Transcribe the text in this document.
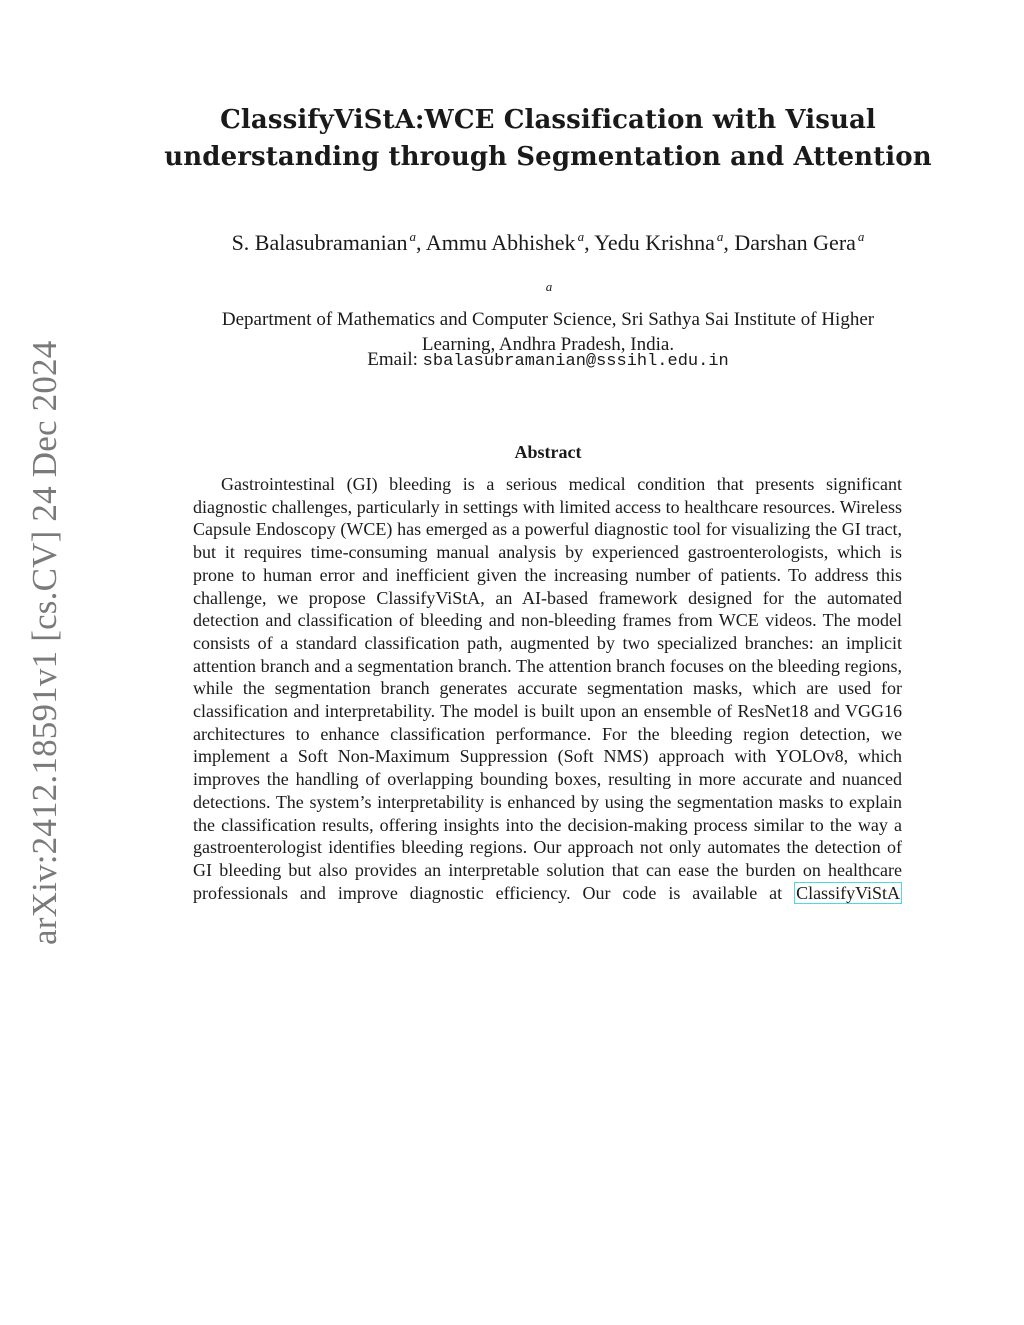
arXiv:2412.18591v1 [cs.CV] 24 Dec 2024
ClassifyViStA:WCE Classification with Visual
understanding through Segmentation and Attention
S. Balasubramanian $^a$, Ammu Abhishek $^a$, Yedu Krishna $^a$, Darshan Gera $^a$
$^a$
Department of Mathematics and Computer Science, Sri Sathya Sai Institute of Higher
Learning, Andhra Pradesh, India.
Email: sbalasubramanian@sssihl.edu.in
Abstract

Gastrointestinal (GI) bleeding is a serious medical condition that presents significant diagnostic challenges, particularly in settings with limited access to healthcare resources. Wireless Capsule Endoscopy (WCE) has emerged as a powerful diagnostic tool for visualizing the GI tract, but it requires time-consuming manual analysis by experienced gastroenterologists, which is prone to human error and inefficient given the increasing number of patients. To address this challenge, we propose ClassifyViStA, an AI-based framework designed for the automated detection and classification of bleeding and non-bleeding frames from WCE videos. The model consists of a standard classification path, augmented by two specialized branches: an implicit attention branch and a segmentation branch. The attention branch focuses on the bleeding regions, while the segmentation branch generates accurate segmentation masks, which are used for classification and interpretability. The model is built upon an ensemble of ResNet18 and VGG16 architectures to enhance classification performance. For the bleeding region detection, we implement a Soft Non-Maximum Suppression (Soft NMS) approach with YOLOv8, which improves the handling of overlapping bounding boxes, resulting in more accurate and nuanced detections. The system’s interpretability is enhanced by using the segmentation masks to explain the classification results, offering insights into the decision-making process similar to the way a gastroenterologist identifies bleeding regions. Our approach not only automates the detection of GI bleeding but also provides an interpretable solution that can ease the burden on healthcare professionals and improve diagnostic efficiency. Our code is available at ClassifyViStA
